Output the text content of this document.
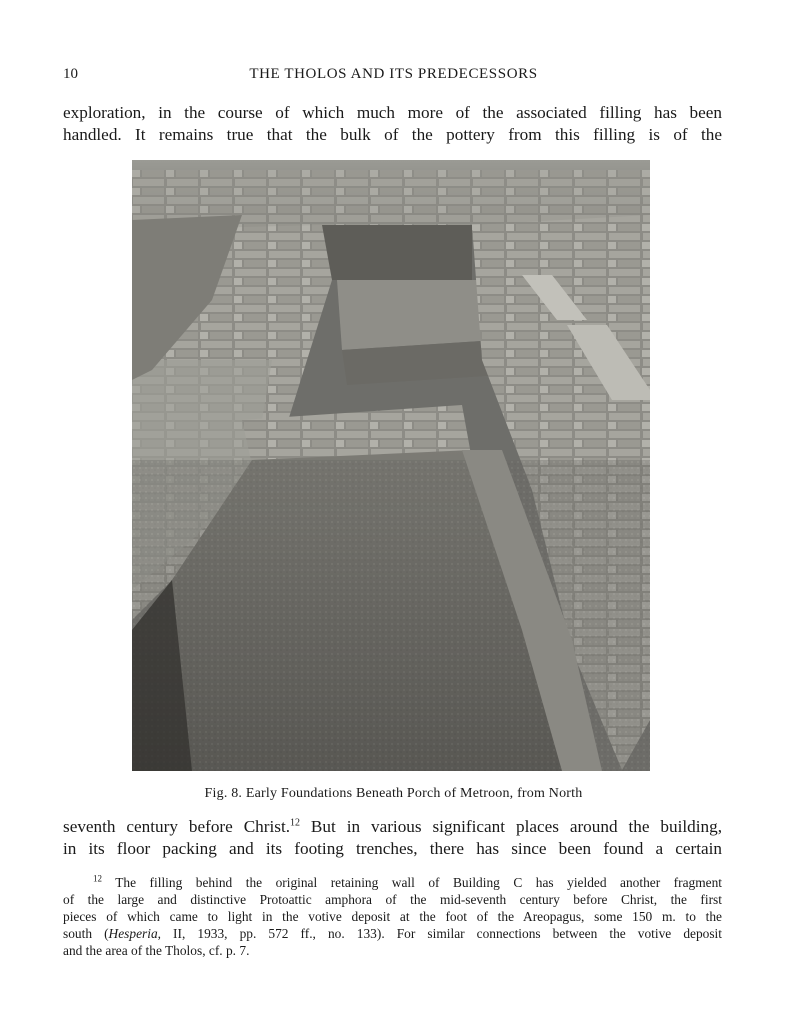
10	THE THOLOS AND ITS PREDECESSORS
exploration, in the course of which much more of the associated filling has been
handled. It remains true that the bulk of the pottery from this filling is of the
Fig. 8. Early Foundations Beneath Porch of Metroon, from North
seventh century before Christ.$^{12}$ But in various significant places around the building,
in its floor packing and its footing trenches, there has since been found a certain
$^{12}$ The filling behind the original retaining wall of Building C has yielded another fragment
of the large and distinctive Protoattic amphora of the mid-seventh century before Christ, the first
pieces of which came to light in the votive deposit at the foot of the Areopagus, some 150 m. to the
south (Hesperia, II, 1933, pp. 572 ff., no. 133). For similar connections between the votive deposit
and the area of the Tholos, cf. p. 7.
